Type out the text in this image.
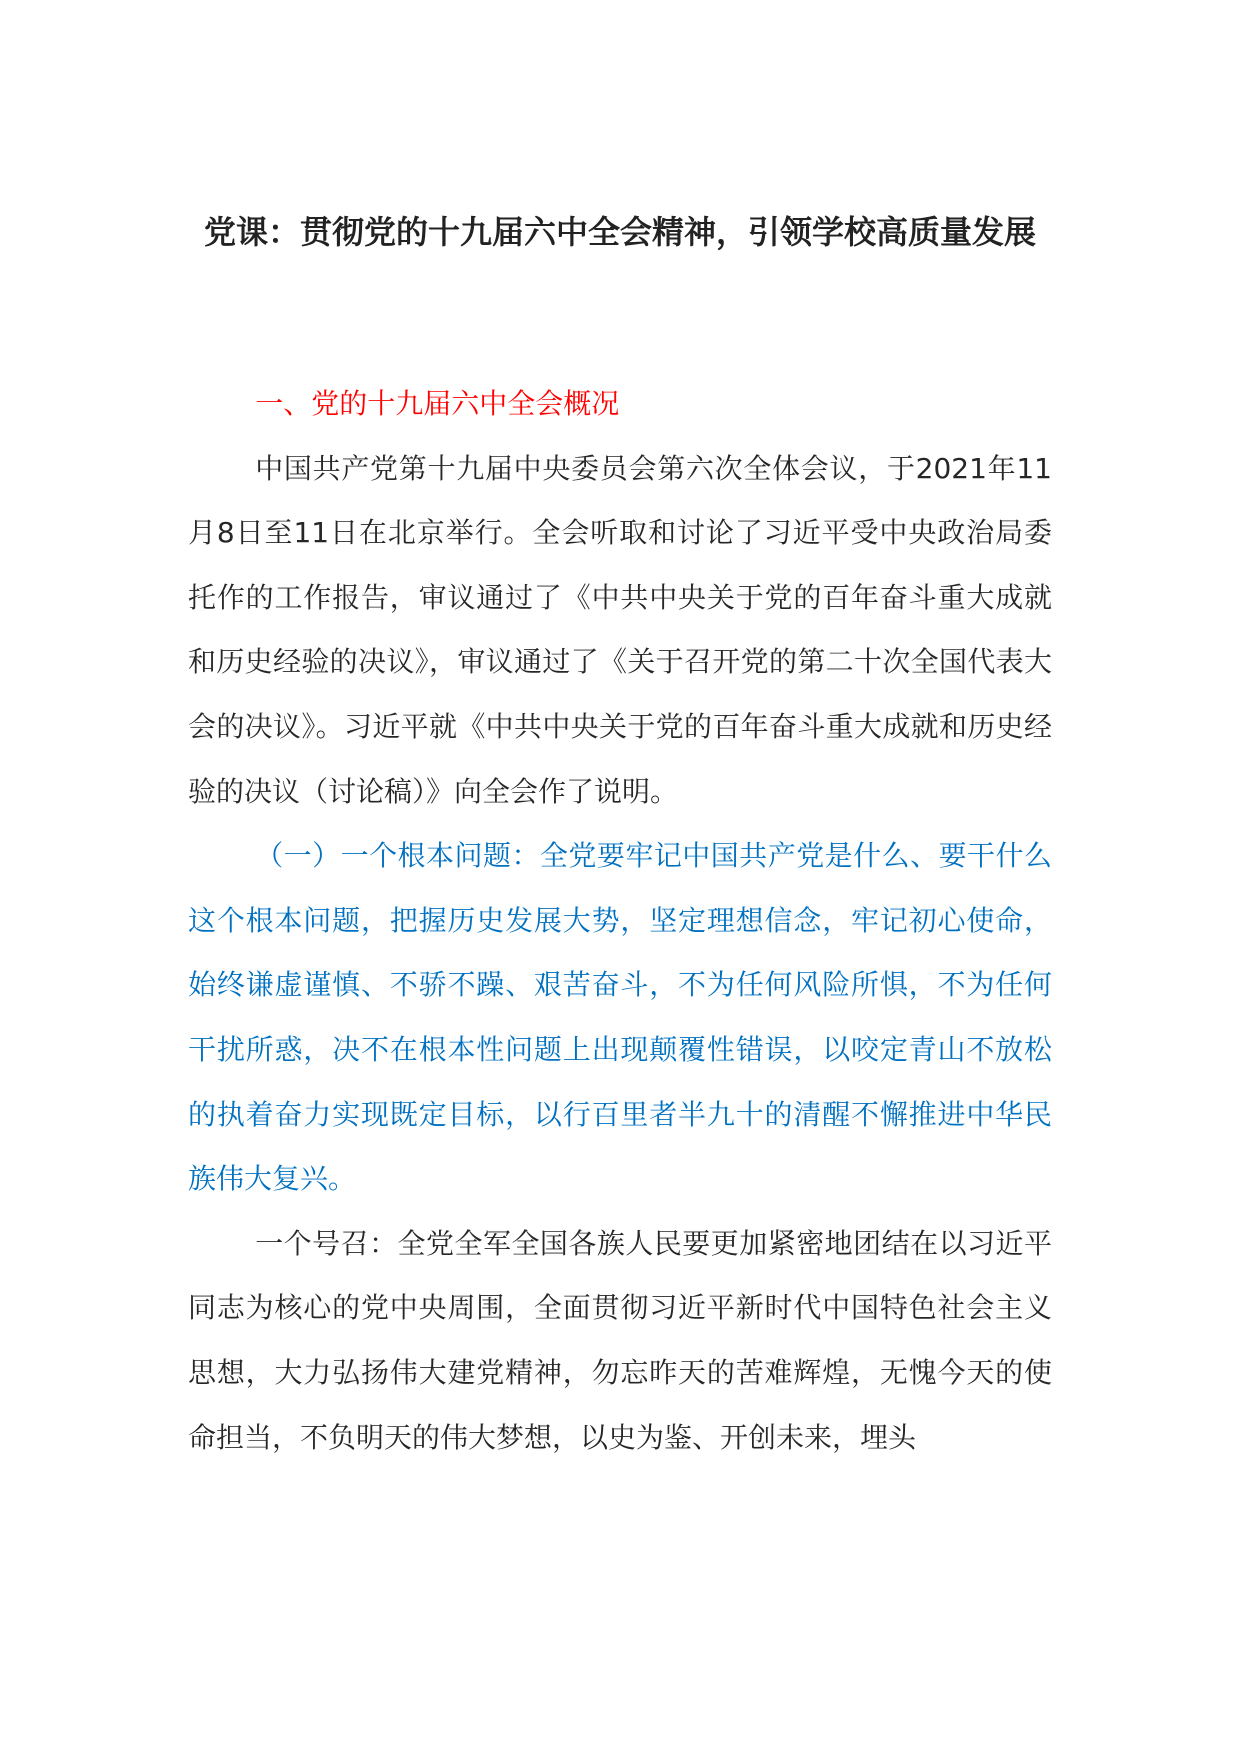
党课：贯彻党的十九届六中全会精神，引领学校高质量发展

一、党的十九届六中全会概况

中国共产党第十九届中央委员会第六次全体会议，于2021年11月8日至11日在北京举行。全会听取和讨论了习近平受中央政治局委托作的工作报告，审议通过了《中共中央关于党的百年奋斗重大成就和历史经验的决议》，审议通过了《关于召开党的第二十次全国代表大会的决议》。习近平就《中共中央关于党的百年奋斗重大成就和历史经验的决议（讨论稿）》向全会作了说明。

（一）一个根本问题：全党要牢记中国共产党是什么、要干什么这个根本问题，把握历史发展大势，坚定理想信念，牢记初心使命，始终谦虚谨慎、不骄不躁、艰苦奋斗，不为任何风险所惧，不为任何干扰所惑，决不在根本性问题上出现颠覆性错误，以咬定青山不放松的执着奋力实现既定目标，以行百里者半九十的清醒不懈推进中华民族伟大复兴。

一个号召：全党全军全国各族人民要更加紧密地团结在以习近平同志为核心的党中央周围，全面贯彻习近平新时代中国特色社会主义思想，大力弘扬伟大建党精神，勿忘昨天的苦难辉煌，无愧今天的使命担当，不负明天的伟大梦想，以史为鉴、开创未来，埋头
